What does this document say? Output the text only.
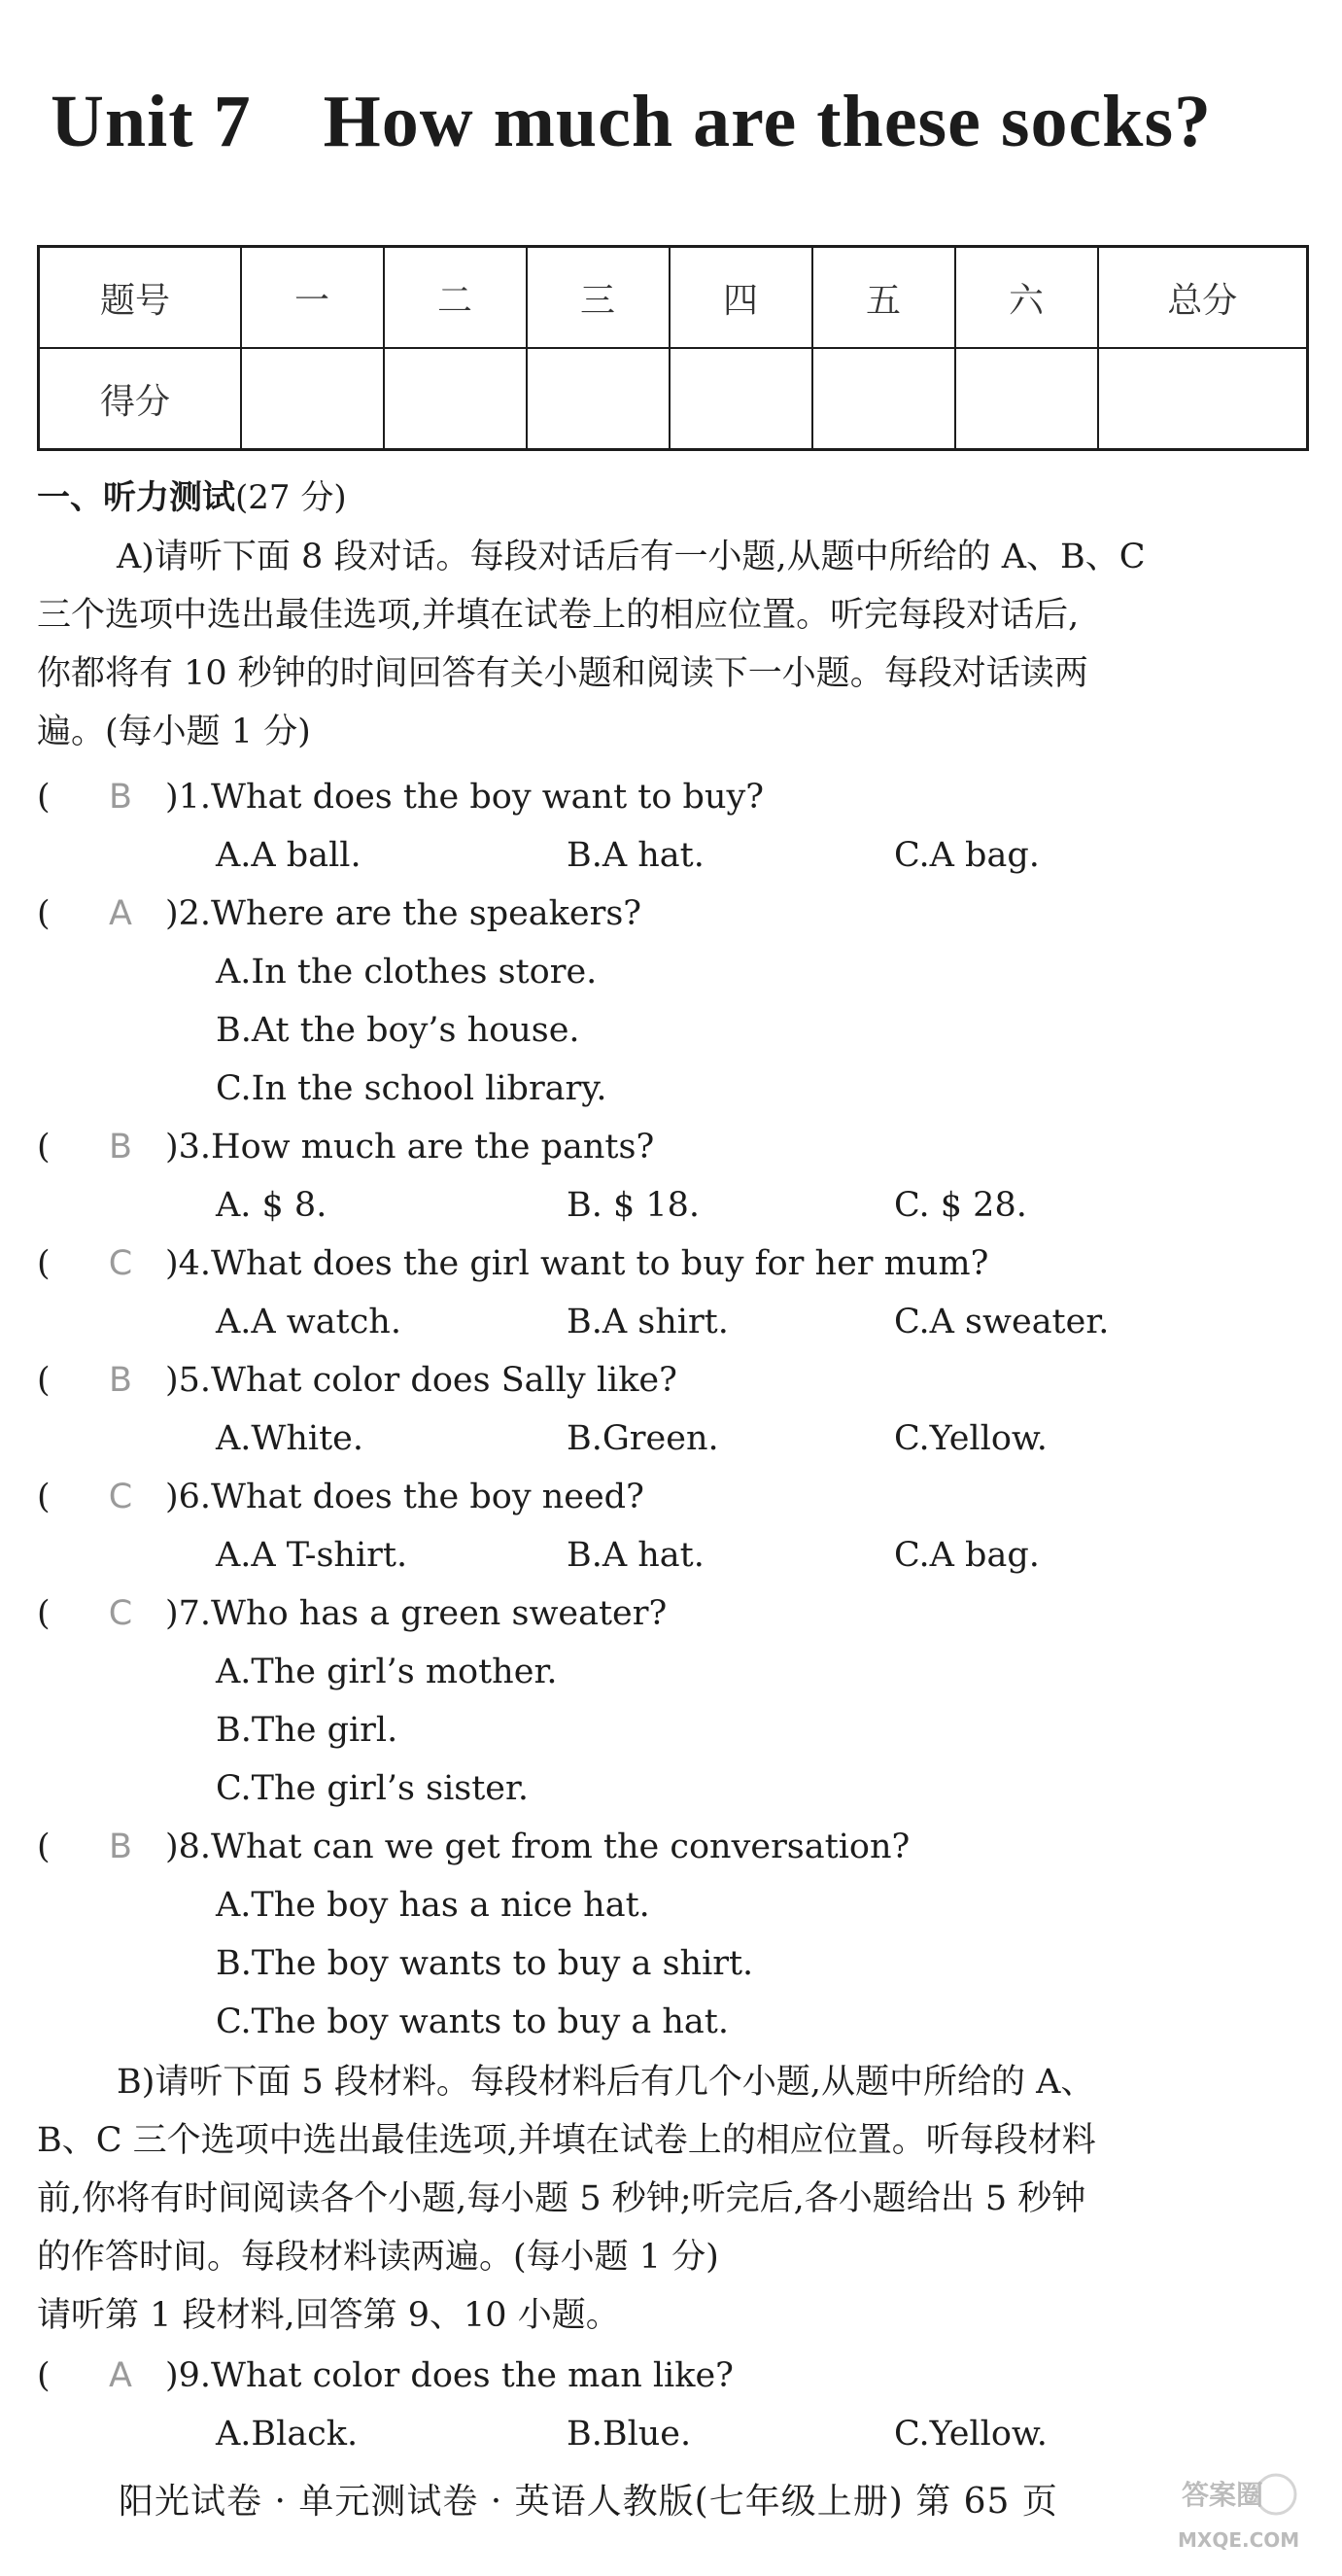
Unit 7 How much are these socks?
题号	一	二	三	四	五	六	总分
得分							
一、听力测试(27 分)
A)请听下面 8 段对话。每段对话后有一小题,从题中所给的 A、B、C
三个选项中选出最佳选项,并填在试卷上的相应位置。听完每段对话后,
你都将有 10 秒钟的时间回答有关小题和阅读下一小题。每段对话读两
遍。(每小题 1 分)
(	B )1.What does the boy want to buy?
A.A ball.	B.A hat.	C.A bag.
(	A )2.Where are the speakers?
A.In the clothes store.
B.At the boy’s house.
C.In the school library.
(	B )3.How much are the pants?
A. $ 8.	B. $ 18.	C. $ 28.
(	C )4.What does the girl want to buy for her mum?
A.A watch.	B.A shirt.	C.A sweater.
(	B )5.What color does Sally like?
A.White.	B.Green.	C.Yellow.
(	C )6.What does the boy need?
A.A T-shirt.	B.A hat.	C.A bag.
(	C )7.Who has a green sweater?
A.The girl’s mother.
B.The girl.
C.The girl’s sister.
(	B )8.What can we get from the conversation?
A.The boy has a nice hat.
B.The boy wants to buy a shirt.
C.The boy wants to buy a hat.
B)请听下面 5 段材料。每段材料后有几个小题,从题中所给的 A、
B、C 三个选项中选出最佳选项,并填在试卷上的相应位置。听每段材料
前,你将有时间阅读各个小题,每小题 5 秒钟;听完后,各小题给出 5 秒钟
的作答时间。每段材料读两遍。(每小题 1 分)
请听第 1 段材料,回答第 9、10 小题。
(	A )9.What color does the man like?
A.Black.	B.Blue.	C.Yellow.
阳光试卷 · 单元测试卷 · 英语人教版(七年级上册) 第 65 页	答案圈
MXQE.COM
